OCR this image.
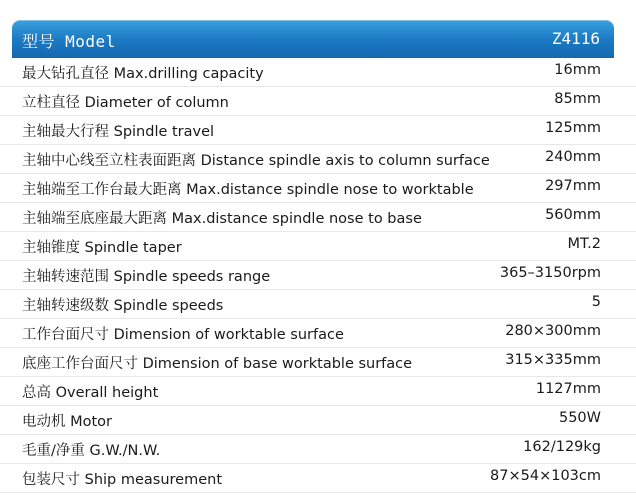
型号 Model	Z4116
最大钻孔直径 Max.drilling capacity	16mm
立柱直径 Diameter of column	85mm
主轴最大行程 Spindle travel	125mm
主轴中心线至立柱表面距离 Distance spindle axis to column surface	240mm
主轴端至工作台最大距离 Max.distance spindle nose to worktable	297mm
主轴端至底座最大距离 Max.distance spindle nose to base	560mm
主轴锥度 Spindle taper	MT.2
主轴转速范围 Spindle speeds range	365–3150rpm
主轴转速级数 Spindle speeds	5
工作台面尺寸 Dimension of worktable surface	280×300mm
底座工作台面尺寸 Dimension of base worktable surface	315×335mm
总高 Overall height	1127mm
电动机 Motor	550W
毛重/净重 G.W./N.W.	162/129kg
包装尺寸 Ship measurement	87×54×103cm
